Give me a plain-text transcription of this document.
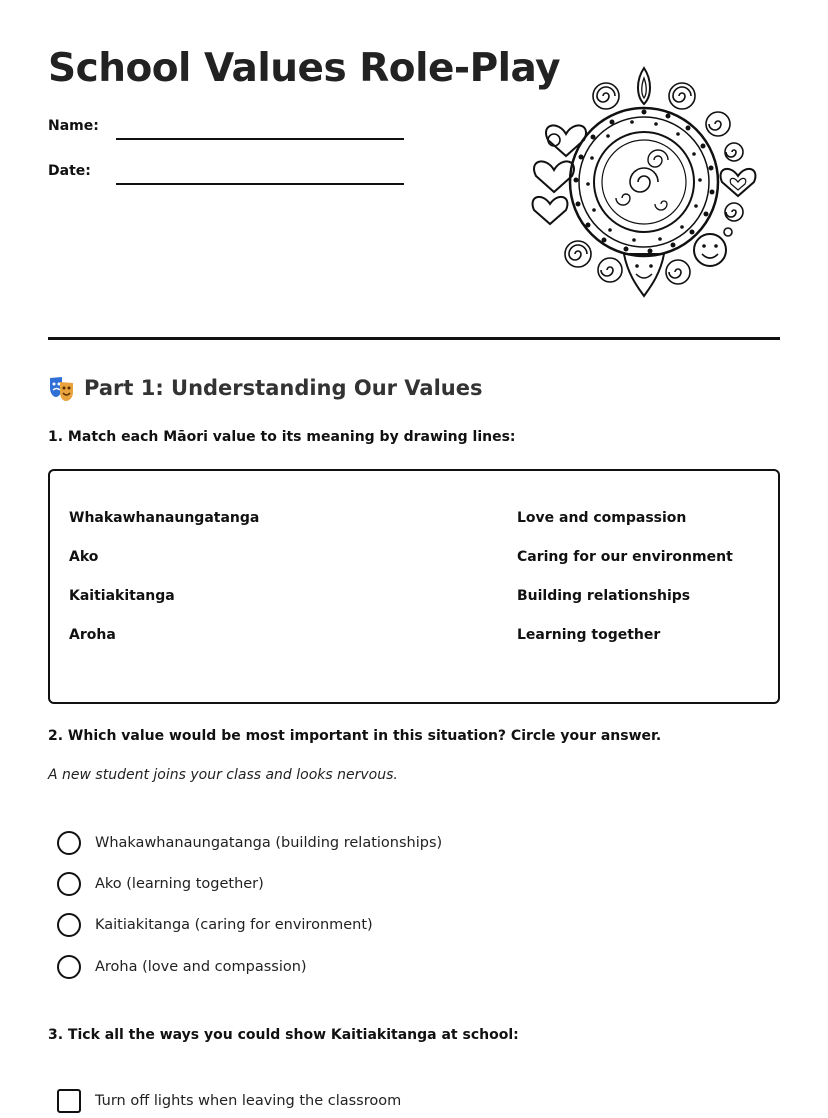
School Values Role-Play
Name:
Date:
Part 1: Understanding Our Values
1. Match each Māori value to its meaning by drawing lines:
Whakawhanaungatanga
Ako
Kaitiakitanga
Aroha
Love and compassion
Caring for our environment
Building relationships
Learning together
2. Which value would be most important in this situation? Circle your answer.
A new student joins your class and looks nervous.
Whakawhanaungatanga (building relationships)
Ako (learning together)
Kaitiakitanga (caring for environment)
Aroha (love and compassion)
3. Tick all the ways you could show Kaitiakitanga at school:
Turn off lights when leaving the classroom
